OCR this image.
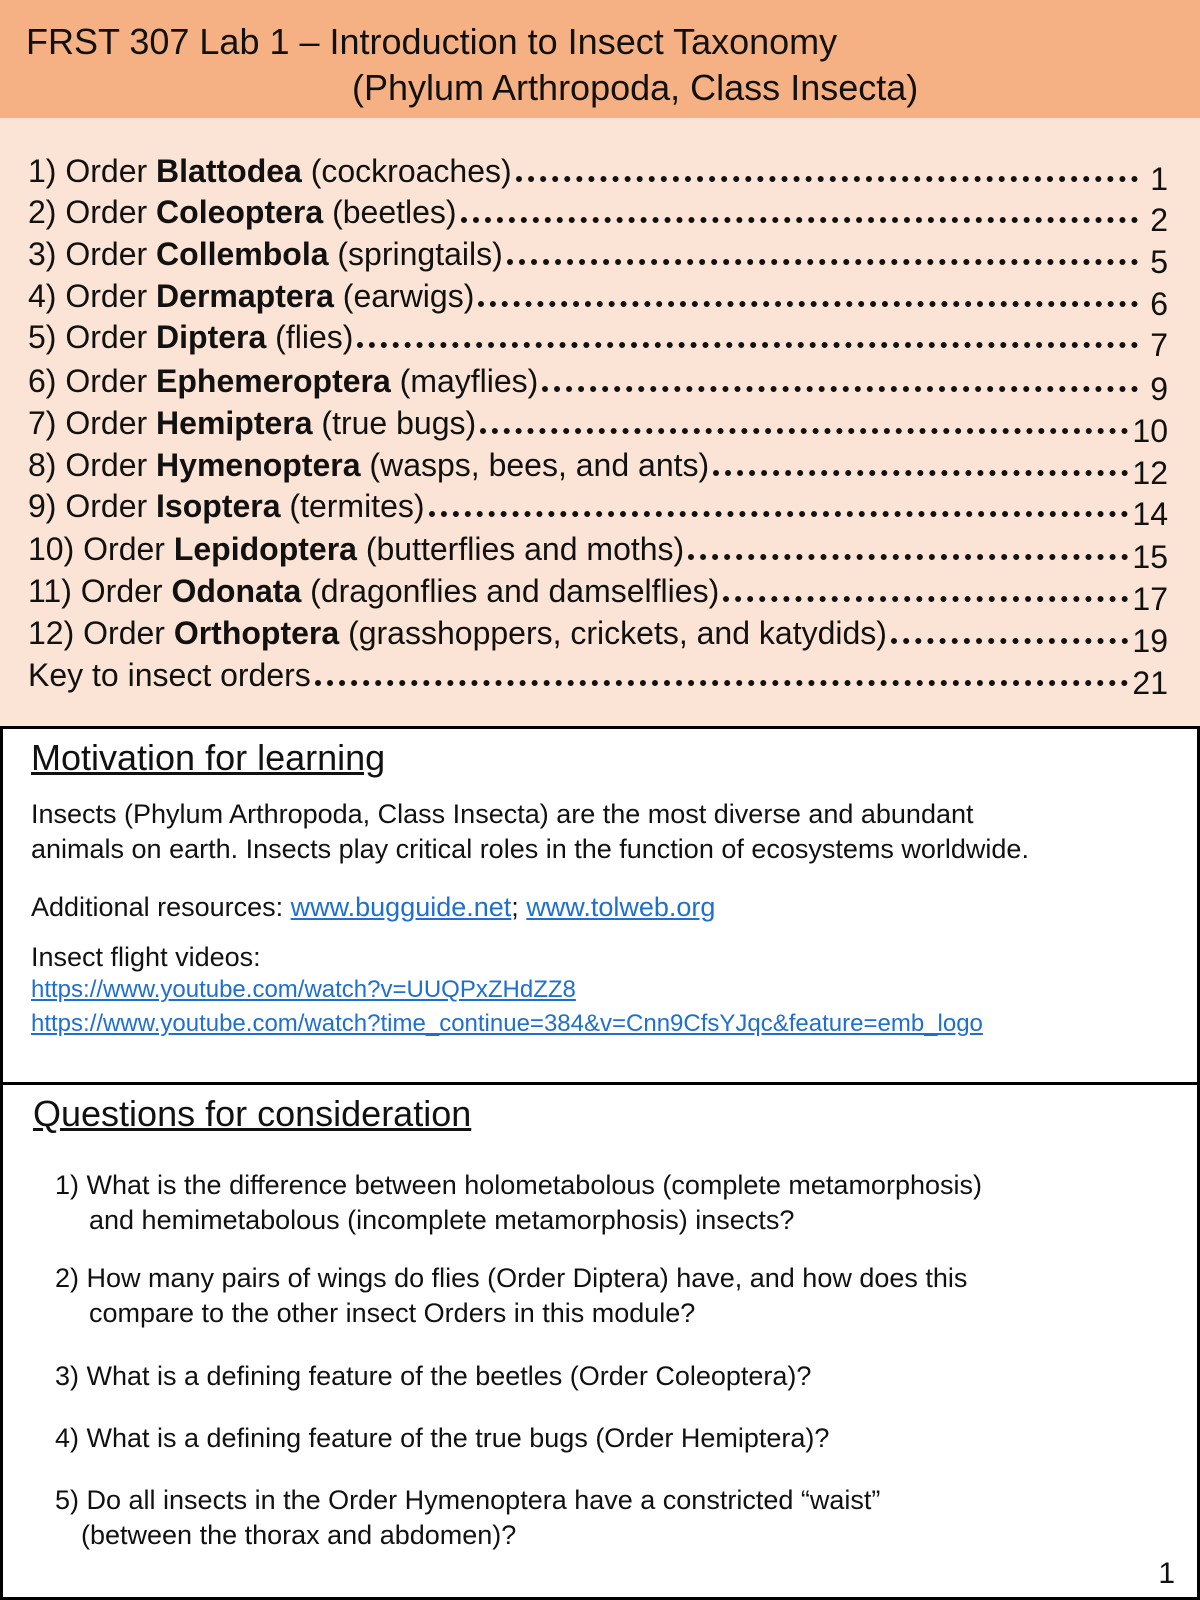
FRST 307 Lab 1 – Introduction to Insect Taxonomy
(Phylum Arthropoda, Class Insecta)
1) Order Blattodea (cockroaches)	1
2) Order Coleoptera (beetles)	2
3) Order Collembola (springtails)	5
4) Order Dermaptera (earwigs)	6
5) Order Diptera (flies)	7
6) Order Ephemeroptera (mayflies)	9
7) Order Hemiptera (true bugs)	10
8) Order Hymenoptera (wasps, bees, and ants)	12
9) Order Isoptera (termites)	14
10) Order Lepidoptera (butterflies and moths)	15
11) Order Odonata (dragonflies and damselflies)	17
12) Order Orthoptera (grasshoppers, crickets, and katydids)	19
Key to insect orders	21
Motivation for learning
Insects (Phylum Arthropoda, Class Insecta) are the most diverse and abundant
animals on earth. Insects play critical roles in the function of ecosystems worldwide.
Additional resources: www.bugguide.net; www.tolweb.org
Insect flight videos:
https://www.youtube.com/watch?v=UUQPxZHdZZ8
https://www.youtube.com/watch?time_continue=384&v=Cnn9CfsYJqc&feature=emb_logo
Questions for consideration
1) What is the difference between holometabolous (complete metamorphosis)
and hemimetabolous (incomplete metamorphosis) insects?
2) How many pairs of wings do flies (Order Diptera) have, and how does this
compare to the other insect Orders in this module?
3) What is a defining feature of the beetles (Order Coleoptera)?
4) What is a defining feature of the true bugs (Order Hemiptera)?
5) Do all insects in the Order Hymenoptera have a constricted “waist”
(between the thorax and abdomen)?
1
